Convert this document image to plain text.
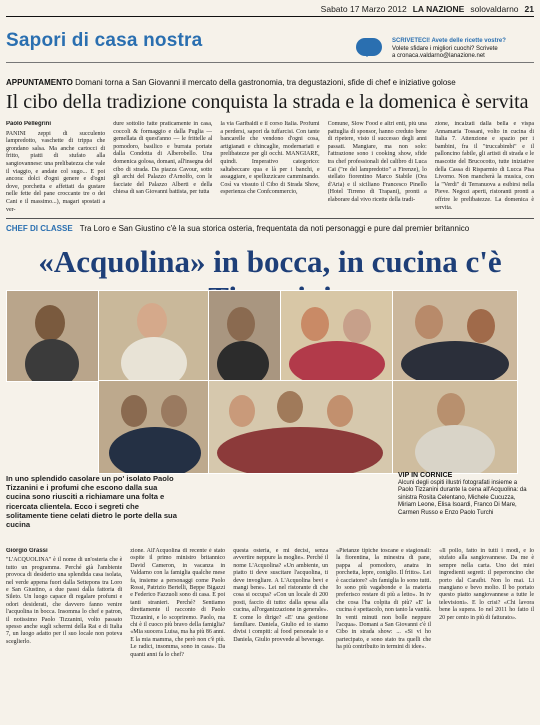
Sabato 17 Marzo 2012 LA NAZIONE solovaldarno 21
Sapori di casa nostra	SCRIVETECI! Avete delle ricette vostre?
Volete sfidare i migliori cuochi? Scrivete
a cronaca.valdarno@lanazione.net
APPUNTAMENTO Domani torna a San Giovanni il mercato della gastronomia, tra degustazioni, sfide di chef e iniziative golose
Il cibo della tradizione conquista la strada e la domenica è servita
Paolo Pellegrini
PANINI zeppi di succulento lampredotto, vaschette di trippa che grondano salsa. Ma anche cartocci di fritto, piatti di stufato alla sangiovannese: una prelibatezza che vale il viaggio, e andate col sugo... E poi ancora: dolci d'ogni genere e d'ogni dove, porchetta e affettati da gustare nelle fette del pane croccante tre o dei Cani e il massimo...), magari spostati a ver-
dure sottolio fatte praticamente in casa, coccoli & formaggio e dalla Puglia — gemellata di quest'anno — le frittelle al pomodoro, basilico e burrata portate dalla Condotta di Alberobello. Una domenica golosa, domani, all'insegna del cibo di strada. Da piazza Cavour, sotto gli archi del Palazzo d'Arnolfo, con le facciate del Palazzo Alberti e della chiesa di san Giovanni battista, per tutta
la via Garibaldi e il corso Italia. Profumi a perdersi, sapori da tuffarcisi. Con tante bancarelle che vendono d'ogni cosa, artigianati e chincaglie, modernariati e prelibatezze per gli occhi. MANGIARE, quindi. Imperativo categorico: saltabeccare qua e là per i banchi, e assaggiare, e spelluzzicare camminando. Così va vissuto il Cibo di Strada Show, esperienza che Confcommercio,
Comune, Slow Food e altri enti, più una pattuglia di sponsor, hanno creduto bene di ripetere, visto il successo degli anni passati. Mangiare, ma non solo: l'attrazione sono i cooking show, sfide tra chef professionali del calibro di Luca Cai ("re del lampredotto" a Firenze), lo stellato fiorentino Marco Stabile (Ora d'Aria) e il siciliano Francesco Pinello (Hotel Tirreno di Trapani), pronti a elaborare dal vivo ricette della tradi-
zione, incalzati dalla bella e vispa Annamaria Tossani, volto in cucina di Italia 7. Attenzione e spazio per i bambini, fra il "truccabimbi" e il palloncino fabile, gli artisti di strada e le mascotte del Brucocotto, tutte iniziative della Cassa di Risparmio di Lucca Pisa Livorno. Non mancherà la musica, con la "Verdi" di Terranuova a esibirsi nella Pieve. Negozi aperti, ristoranti pronti a offrire le prelibatezze. La domenica è servita.
CHEF DI CLASSE Tra Loro e San Giustino c'è la sua storica osteria, frequentata da noti personaggi e pure dal premier britannico
«Acquolina» in bocca, in cucina c'è
VIP IN CORNICE
Alcuni degli ospiti illustri fotografati insieme a Paolo Tizzanini durante la cena all'Acquolina: da sinistra Rosita Celentano, Michele Cucuzza, Miriam Leone, Elisa Isoardi, Franco Di Mare, Carmen Russo e Enzo Paolo Turchi
In uno splendido casolare un po' isolato Paolo Tizzanini e i profumi che escono dalla sua cucina sono riusciti a richiamare una folta e ricercata clientela. Ecco i segreti che solitamente tiene celati dietro le porte della sua cucina
Giorgio Grassi
"L'ACQUOLINA" è il nome di un'osteria che è tutto un programma. Perché già l'ambiente provoca di desiderio una splendida casa isolata, nel verde appena fuori dalla Settepons tra Loro e San Giustino, a due passi dalla fattoria di Sileto. Un luogo capace di regalare profumi e odori desiderati, che davvero fanno venire l'acquolina in bocca. Insomma lo chef e patron, il notissimo Paolo Tizzanini, volto passato spesso anche sugli schermi della Rai e di Italia 7, un luogo adatto per il suo locale non poteva sceglierlo.
zione. All'Acquolina di recente è stato ospite il primo ministro britannico David Cameron, in vacanza in Valdarno con la famiglia qualche mese fa, insieme a personaggi come Paolo Rossi, Patrizio Bertelli, Beppe Bigazzi e Federico Fazzuoli sono di casa. E poi tanti stranieri. Perché? Sentiamo direttamente il racconto di Paolo Tizzanini, e lo scopriremo. Paolo, ma chi è il cuoco più bravo della famiglia? «Mia suocera Luisa, ma ha più 86 anni. E la mia mamma, che però non c'è più. Le radici, insomma, sono in casa». Da quanti anni fa lo chef?
questa osteria, e mi decisi, senza avvertire neppure la moglie». Perché il nome L'Acquolina? «Un ambiente, un piatto ti deve suscitare l'acquolina, ti deve invogliare. A L'Acquolina bevi e mangi bene». Lei nel ristorante di che cosa si occupa? «Con un locale di 200 posti, faccio di tutto: dalla spesa alla cucina, all'organizzazione in generale». E come lo dirige? «E' una gestione familiare. Daniela, Giulio ed io siamo divisi i compiti: al food personale io e Daniela, Giulio provvede al beverage.
«Pietanze tipiche toscane e stagionali: la fiorentina, la minestra di pane, pappa al pomodoro, anatra in porchetta, lepre, coniglio. Il fritto». Lei è cacciatore? «In famiglia lo sono tutti. Io sono più vagabonde e la materia preferisco restare di più a letto». In tv che cosa l'ha colpita di più? «E' la cucina è spettacolo, non tanto la vanità. In venti minuti non bolle neppure l'acqua». Domani a San Giovanni c'è il Cibo in strada show: ... «Si vi ho partecipato, e sono stato tra quelli che ha più contribuito in termini di idee».
«Il pollo, fatto in tutti i modi, e lo stufato alla sangiovannese. Da me è sempre nella carta. Uno dei miei ingredienti segreti: il peperoncino che porto dal Caraibi. Non lo mai. Li mangiano e bevo molto. Il bo portato questo piatto sangiovannese a tutte le televisioni». E lo crisi? «Chi lavora bene la supera. Io nel 2011 ho fatto il 20 per cento in più di fatturato».
